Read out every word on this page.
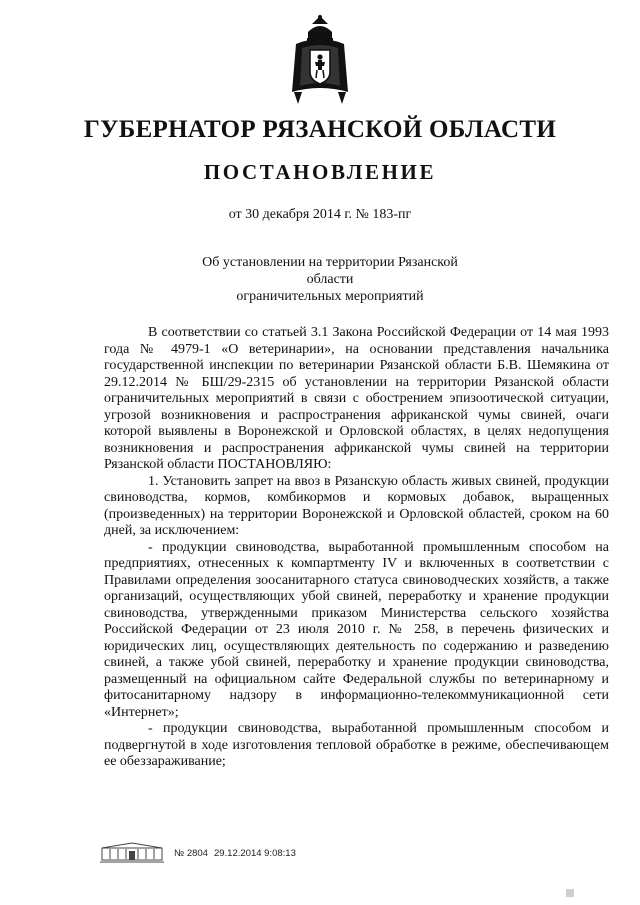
ГУБЕРНАТОР РЯЗАНСКОЙ ОБЛАСТИ
ПОСТАНОВЛЕНИЕ
от 30 декабря 2014 г. № 183-пг
Об установлении на территории Рязанской области
ограничительных мероприятий

В соответствии со статьей 3.1 Закона Российской Федерации от 14 мая 1993 года № 4979-1 «О ветеринарии», на основании представления начальника государственной инспекции по ветеринарии Рязанской области Б.В. Шемякина от 29.12.2014 № БШ/29-2315 об установлении на территории Рязанской области ограничительных мероприятий в связи с обострением эпизоотической ситуации, угрозой возникновения и распространения африканской чумы свиней, очаги которой выявлены в Воронежской и Орловской областях, в целях недопущения возникновения и распространения африканской чумы свиней на территории Рязанской области ПОСТАНОВЛЯЮ:

1. Установить запрет на ввоз в Рязанскую область живых свиней, продукции свиноводства, кормов, комбикормов и кормовых добавок, выращенных (произведенных) на территории Воронежской и Орловской областей, сроком на 60 дней, за исключением:

- продукции свиноводства, выработанной промышленным способом на предприятиях, отнесенных к компартменту IV и включенных в соответствии с Правилами определения зоосанитарного статуса свиноводческих хозяйств, а также организаций, осуществляющих убой свиней, переработку и хранение продукции свиноводства, утвержденными приказом Министерства сельского хозяйства Российской Федерации от 23 июля 2010 г. № 258, в перечень физических и юридических лиц, осуществляющих деятельность по содержанию и разведению свиней, а также убой свиней, переработку и хранение продукции свиноводства, размещенный на официальном сайте Федеральной службы по ветеринарному и фитосанитарному надзору в информационно-телекоммуникационной сети «Интернет»;

- продукции свиноводства, выработанной промышленным способом и подвергнутой в ходе изготовления тепловой обработке в режиме, обеспечивающем ее обеззараживание;

№ 2804 29.12.2014 9:08:13
